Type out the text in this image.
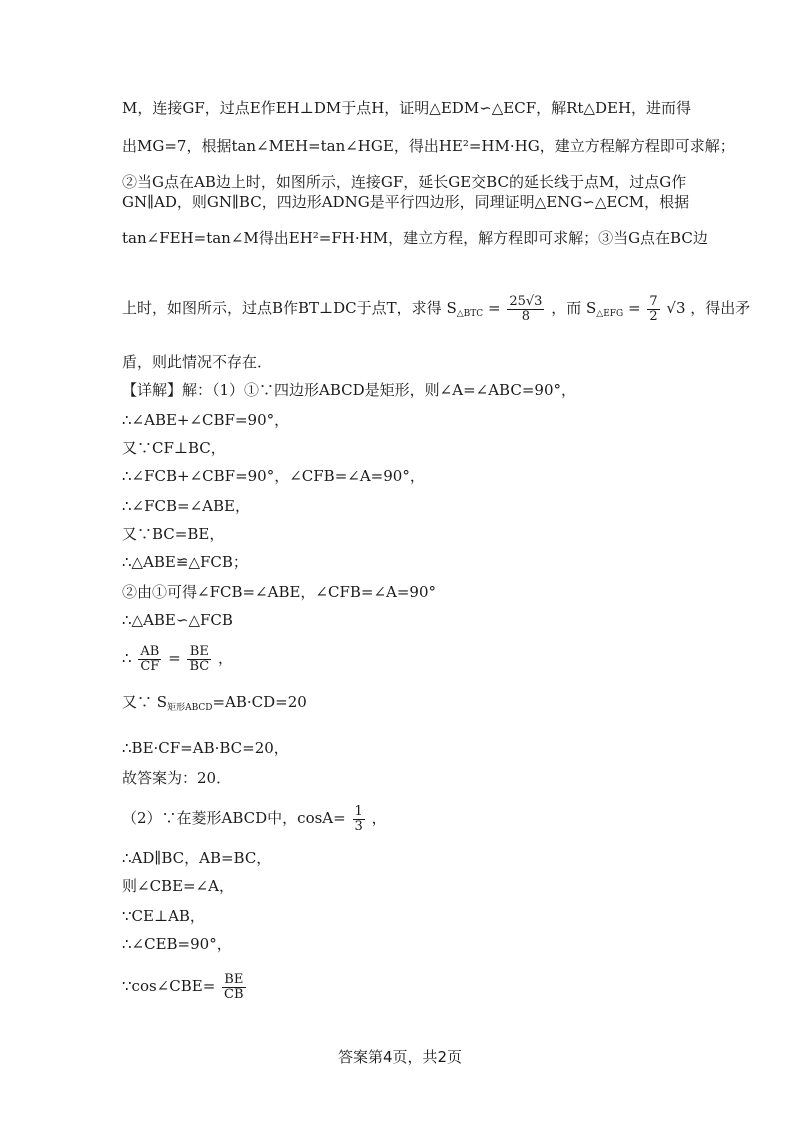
M，连接GF，过点E作EH⊥DM于点H，证明△EDM∽△ECF，解Rt△DEH，进而得
出MG=7，根据tan∠MEH=tan∠HGE，得出HE²=HM·HG，建立方程解方程即可求解；
②当G点在AB边上时，如图所示，连接GF，延长GE交BC的延长线于点M，过点G作
GN∥AD，则GN∥BC，四边形ADNG是平行四边形，同理证明△ENG∽△ECM，根据
tan∠FEH=tan∠M得出EH²=FH·HM，建立方程，解方程即可求解；③当G点在BC边
上时，如图所示，过点B作BT⊥DC于点T，求得 $S_{\triangle BTC} = \frac{25√3}{8}$ ，而 $S_{\triangle EFG} = \frac{7}{2} √3$ ，得出矛
盾，则此情况不存在．
【详解】解：（1）①∵四边形ABCD是矩形，则∠A=∠ABC=90°，
∴∠ABE+∠CBF=90°，
又∵CF⊥BC，
∴∠FCB+∠CBF=90°，∠CFB=∠A=90°，
∴∠FCB=∠ABE，
又∵BC=BE，
∴△ABE≌△FCB；
②由①可得∠FCB=∠ABE，∠CFB=∠A=90°
∴△ABE∽△FCB
∴ $\frac{AB}{CF} = \frac{BE}{BC}$ ，
又∵ $S_{矩形ABCD}=AB\cdot CD=20$
∴BE·CF=AB·BC=20，
故答案为：20．
（2）∵在菱形ABCD中，$\cos A= \frac{1}{3}$ ，
∴AD∥BC，AB=BC，
则∠CBE=∠A，
∵CE⊥AB，
∴∠CEB=90°，
∵cos∠CBE= $\frac{BE}{CB}$
答案第4页，共2页
